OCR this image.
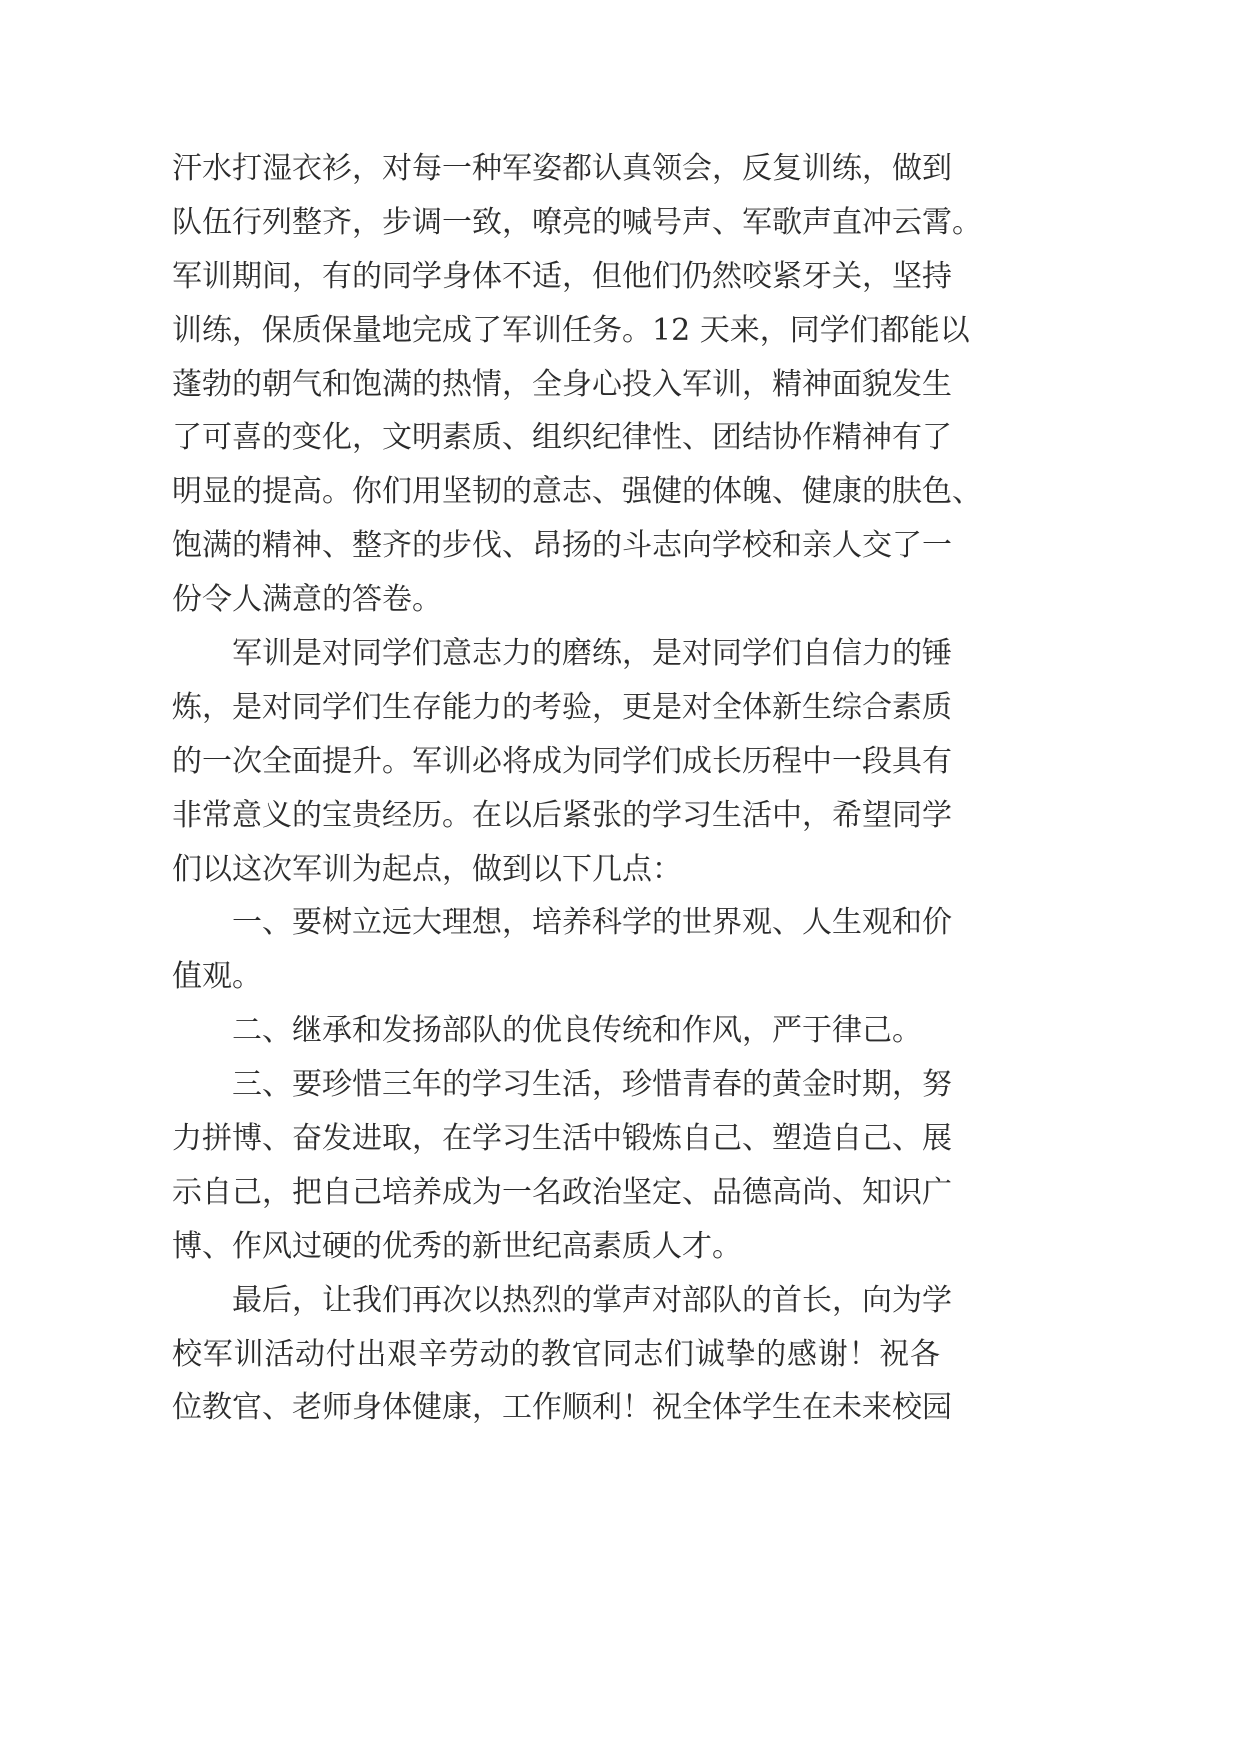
汗水打湿衣衫，对每一种军姿都认真领会，反复训练，做到
队伍行列整齐，步调一致，嘹亮的喊号声、军歌声直冲云霄。
军训期间，有的同学身体不适，但他们仍然咬紧牙关，坚持
训练，保质保量地完成了军训任务。12 天来，同学们都能以
蓬勃的朝气和饱满的热情，全身心投入军训，精神面貌发生
了可喜的变化，文明素质、组织纪律性、团结协作精神有了
明显的提高。你们用坚韧的意志、强健的体魄、健康的肤色、
饱满的精神、整齐的步伐、昂扬的斗志向学校和亲人交了一
份令人满意的答卷。
军训是对同学们意志力的磨练，是对同学们自信力的锤
炼，是对同学们生存能力的考验，更是对全体新生综合素质
的一次全面提升。军训必将成为同学们成长历程中一段具有
非常意义的宝贵经历。在以后紧张的学习生活中，希望同学
们以这次军训为起点，做到以下几点：
一、要树立远大理想，培养科学的世界观、人生观和价
值观。
二、继承和发扬部队的优良传统和作风，严于律己。
三、要珍惜三年的学习生活，珍惜青春的黄金时期，努
力拼博、奋发进取，在学习生活中锻炼自己、塑造自己、展
示自己，把自己培养成为一名政治坚定、品德高尚、知识广
博、作风过硬的优秀的新世纪高素质人才。
最后，让我们再次以热烈的掌声对部队的首长，向为学
校军训活动付出艰辛劳动的教官同志们诚挚的感谢！祝各
位教官、老师身体健康，工作顺利！祝全体学生在未来校园
